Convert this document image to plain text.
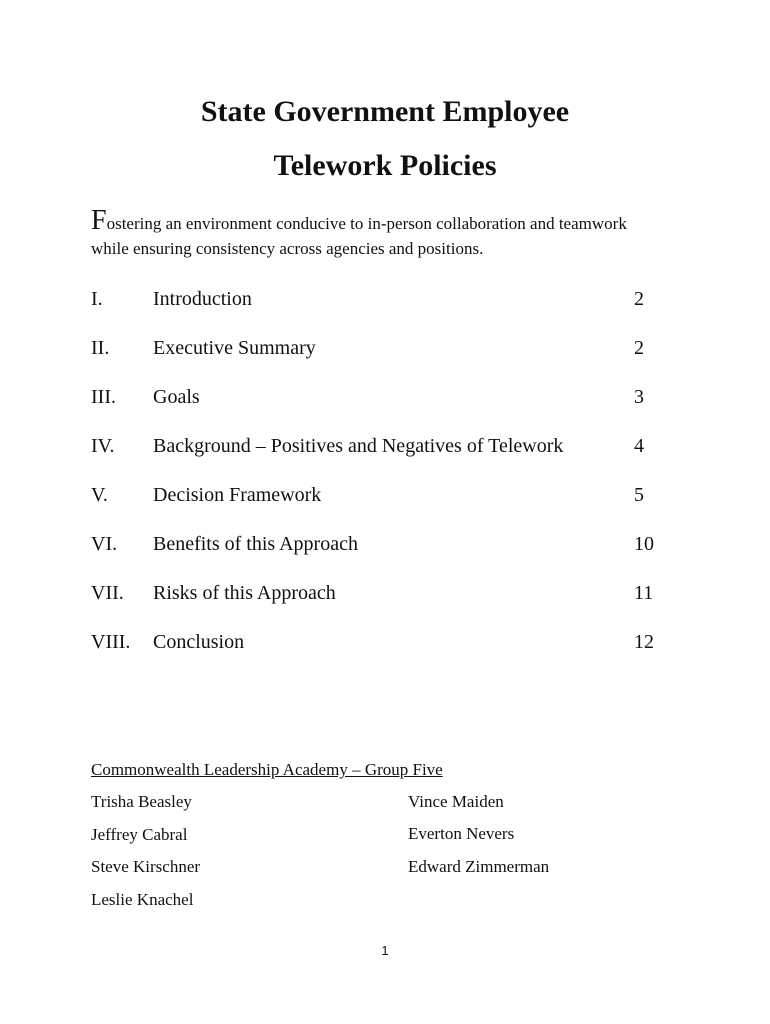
State Government Employee
Telework Policies
Fostering an environment conducive to in-person collaboration and teamwork
while ensuring consistency across agencies and positions.
I.	Introduction	2
II. Executive Summary	2
III. Goals	3
IV. Background – Positives and Negatives of Telework	4
V. Decision Framework	5
VI. Benefits of this Approach	10
VII. Risks of this Approach	11
VIII. Conclusion	12
Commonwealth Leadership Academy – Group Five
Trisha Beasley
Jeffrey Cabral
Steve Kirschner
Leslie Knachel
Vince Maiden
Everton Nevers
Edward Zimmerman
1
